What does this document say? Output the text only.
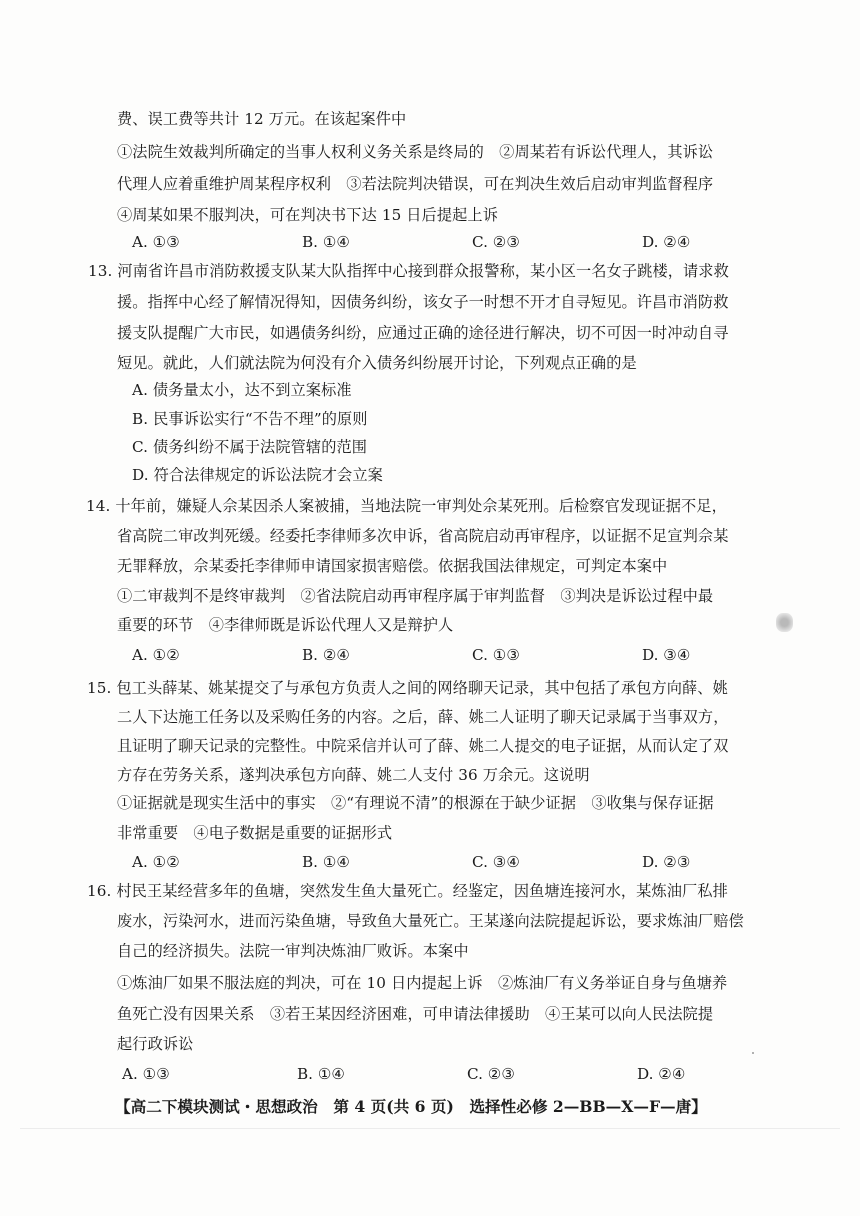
费、误工费等共计 12 万元。在该起案件中
①法院生效裁判所确定的当事人权利义务关系是终局的　②周某若有诉讼代理人，其诉讼
代理人应着重维护周某程序权利　③若法院判决错误，可在判决生效后启动审判监督程序
④周某如果不服判决，可在判决书下达 15 日后提起上诉
A. ①③	B. ①④	C. ②③	D. ②④
13. 河南省许昌市消防救援支队某大队指挥中心接到群众报警称，某小区一名女子跳楼，请求救
援。指挥中心经了解情况得知，因债务纠纷，该女子一时想不开才自寻短见。许昌市消防救
援支队提醒广大市民，如遇债务纠纷，应通过正确的途径进行解决，切不可因一时冲动自寻
短见。就此，人们就法院为何没有介入债务纠纷展开讨论，下列观点正确的是
A. 债务量太小，达不到立案标准
B. 民事诉讼实行“不告不理”的原则
C. 债务纠纷不属于法院管辖的范围
D. 符合法律规定的诉讼法院才会立案
14. 十年前，嫌疑人佘某因杀人案被捕，当地法院一审判处佘某死刑。后检察官发现证据不足，
省高院二审改判死缓。经委托李律师多次申诉，省高院启动再审程序，以证据不足宣判佘某
无罪释放，佘某委托李律师申请国家损害赔偿。依据我国法律规定，可判定本案中
①二审裁判不是终审裁判　②省法院启动再审程序属于审判监督　③判决是诉讼过程中最
重要的环节　④李律师既是诉讼代理人又是辩护人
A. ①②	B. ②④	C. ①③	D. ③④
15. 包工头薛某、姚某提交了与承包方负责人之间的网络聊天记录，其中包括了承包方向薛、姚
二人下达施工任务以及采购任务的内容。之后，薛、姚二人证明了聊天记录属于当事双方，
且证明了聊天记录的完整性。中院采信并认可了薛、姚二人提交的电子证据，从而认定了双
方存在劳务关系，遂判决承包方向薛、姚二人支付 36 万余元。这说明
①证据就是现实生活中的事实　②“有理说不清”的根源在于缺少证据　③收集与保存证据
非常重要　④电子数据是重要的证据形式
A. ①②	B. ①④	C. ③④	D. ②③
16. 村民王某经营多年的鱼塘，突然发生鱼大量死亡。经鉴定，因鱼塘连接河水，某炼油厂私排
废水，污染河水，进而污染鱼塘，导致鱼大量死亡。王某遂向法院提起诉讼，要求炼油厂赔偿
自己的经济损失。法院一审判决炼油厂败诉。本案中
①炼油厂如果不服法庭的判决，可在 10 日内提起上诉　②炼油厂有义务举证自身与鱼塘养
鱼死亡没有因果关系　③若王某因经济困难，可申请法律援助　④王某可以向人民法院提
起行政诉讼
A. ①③	B. ①④	C. ②③	D. ②④
【高二下模块测试・思想政治　第 4 页(共 6 页)　选择性必修 2—BB—X—F—唐】
